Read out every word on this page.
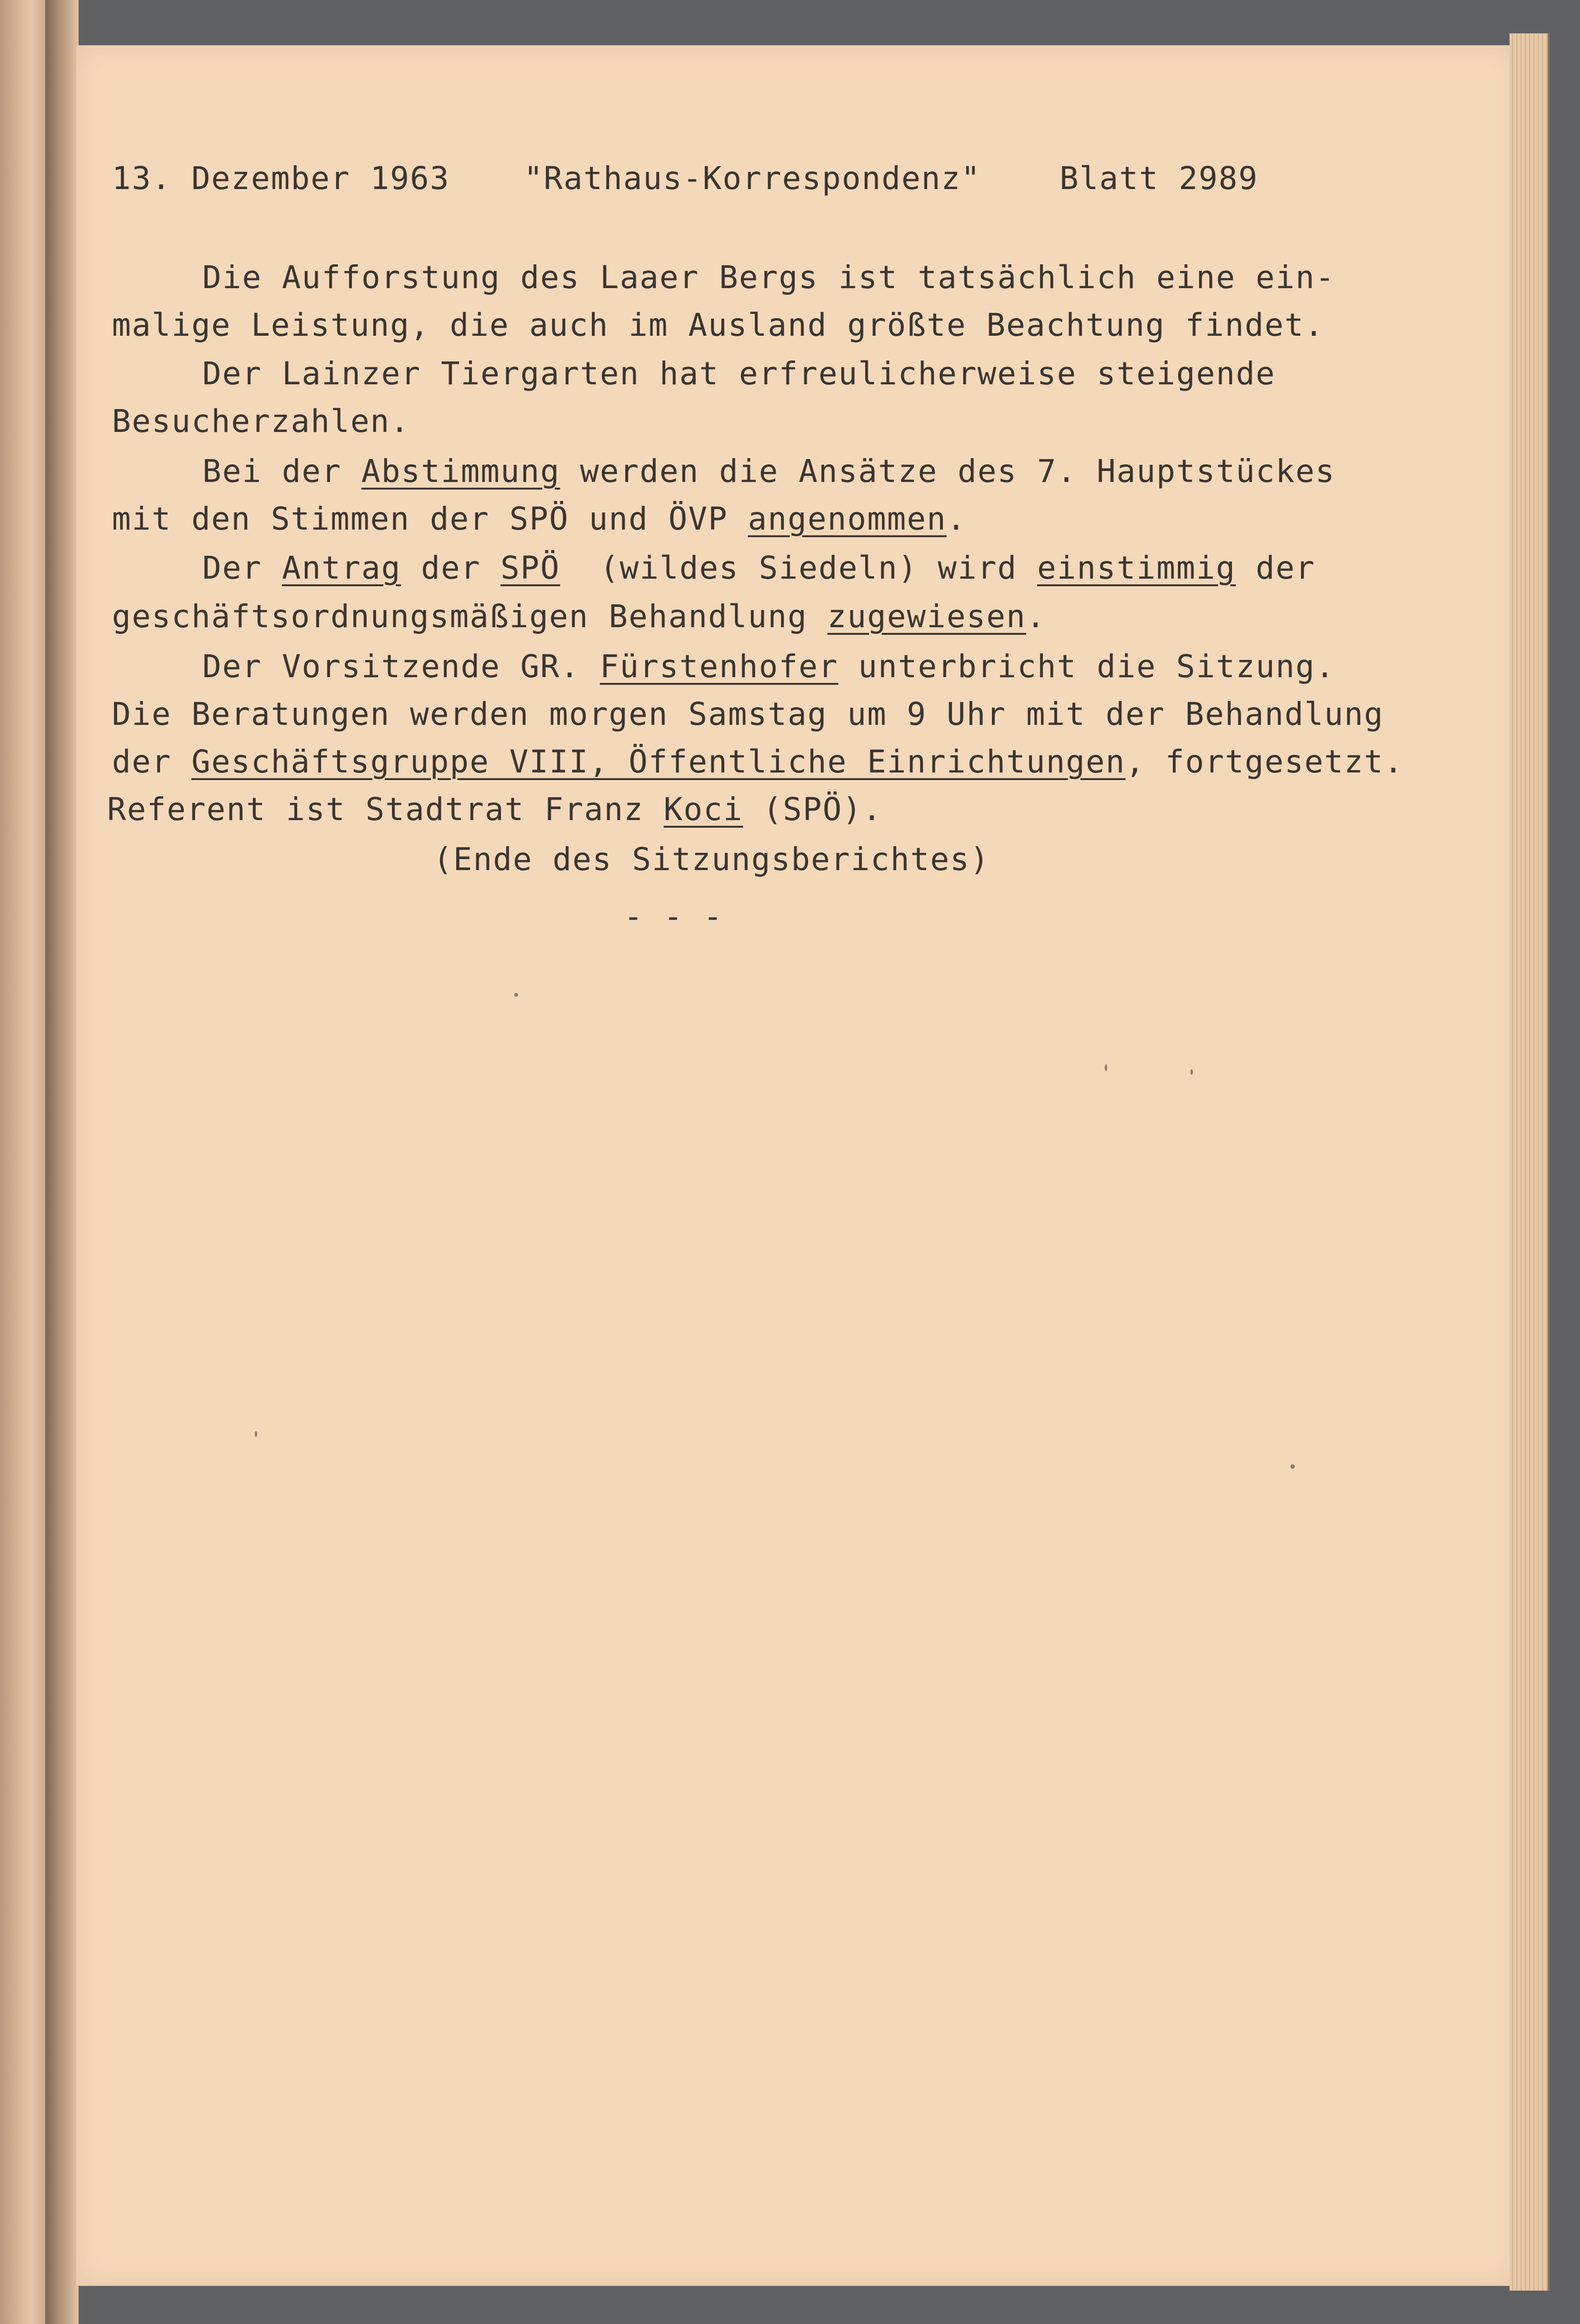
13. Dezember 1963 "Rathaus-Korrespondenz"	Blatt 2989

Die Aufforstung des Laaer Bergs ist tatsächlich eine ein-

malige Leistung, die auch im Ausland größte Beachtung findet.

Der Lainzer Tiergarten hat erfreulicherweise steigende

Besucherzahlen.

Bei der Abstimmung werden die Ansätze des 7. Hauptstückes

mit den Stimmen der SPÖ und ÖVP angenommen.

Der Antrag der SPÖ  (wildes Siedeln) wird einstimmig der

geschäftsordnungsmäßigen Behandlung zugewiesen.

Der Vorsitzende GR. Fürstenhofer unterbricht die Sitzung.

Die Beratungen werden morgen Samstag um 9 Uhr mit der Behandlung

der Geschäftsgruppe VIII, Öffentliche Einrichtungen, fortgesetzt.

Referent ist Stadtrat Franz Koci (SPÖ).

(Ende des Sitzungsberichtes)

- - -
